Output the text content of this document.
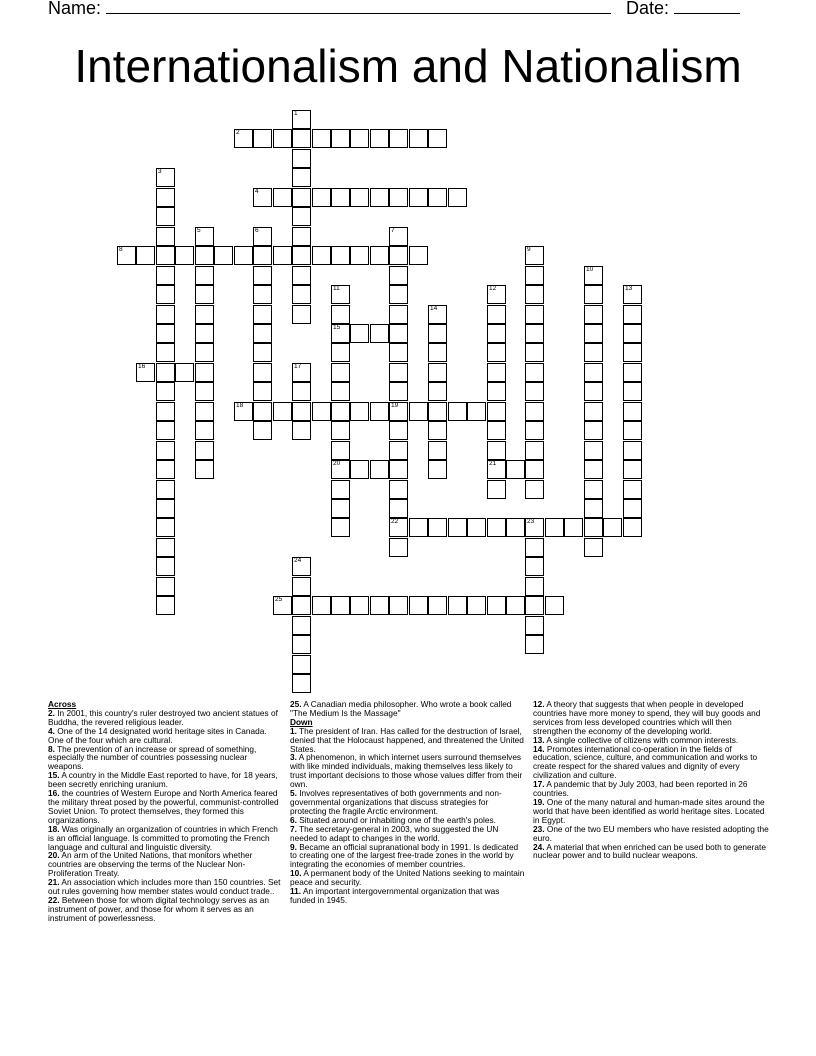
Name:	Date:
Internationalism and Nationalism
1
2
3
4
5	6	7
19
8	9
10
11
15
20
12
21
13
14
16	17
18
22	23
24
25

Across

2. In 2001, this country's ruler destroyed two ancient statues of Buddha, the revered religious leader.

4. One of the 14 designated world heritage sites in Canada. One of the four which are cultural.

8. The prevention of an increase or spread of something, especially the number of countries possessing nuclear weapons.

15. A country in the Middle East reported to have, for 18 years, been secretly enriching uranium.

16. the countries of Western Europe and North America feared the military threat posed by the powerful, communist-controlled Soviet Union. To protect themselves, they formed this organizations.

18. Was originally an organization of countries in which French is an official language. Is committed to promoting the French language and cultural and linguistic diversity.

20. An arm of the United Nations, that monitors whether countries are observing the terms of the Nuclear Non-Proliferation Treaty.

21. An association which includes more than 150 countries. Set out rules governing how member states would conduct trade..

22. Between those for whom digital technology serves as an instrument of power, and those for whom it serves as an instrument of powerlessness.

25. A Canadian media philosopher. Who wrote a book called "The Medium Is the Massage"

Down

1. The president of Iran. Has called for the destruction of Israel, denied that the Holocaust happened, and threatened the United States.

3. A phenomenon, in which internet users surround themselves with like minded individuals, making themselves less likely to trust important decisions to those whose values differ from their own.

5. Involves representatives of both governments and non-governmental organizations that discuss strategies for protecting the fragile Arctic environment.

6. Situated around or inhabiting one of the earth's poles.

7. The secretary-general in 2003, who suggested the UN needed to adapt to changes in the world.

9. Became an official supranational body in 1991. Is dedicated to creating one of the largest free-trade zones in the world by integrating the economies of member countries.

10. A permanent body of the United Nations seeking to maintain peace and security.

11. An important intergovernmental organization that was funded in 1945.

12. A theory that suggests that when people in developed countries have more money to spend, they will buy goods and services from less developed countries which will then strengthen the economy of the developing world.

13. A single collective of citizens with common interests.

14. Promotes international co-operation in the fields of education, science, culture, and communication and works to create respect for the shared values and dignity of every civilization and culture.

17. A pandemic that by July 2003, had been reported in 26 countries.

19. One of the many natural and human-made sites around the world that have been identified as world heritage sites. Located in Egypt.

23. One of the two EU members who have resisted adopting the euro.

24. A material that when enriched can be used both to generate nuclear power and to build nuclear weapons.
